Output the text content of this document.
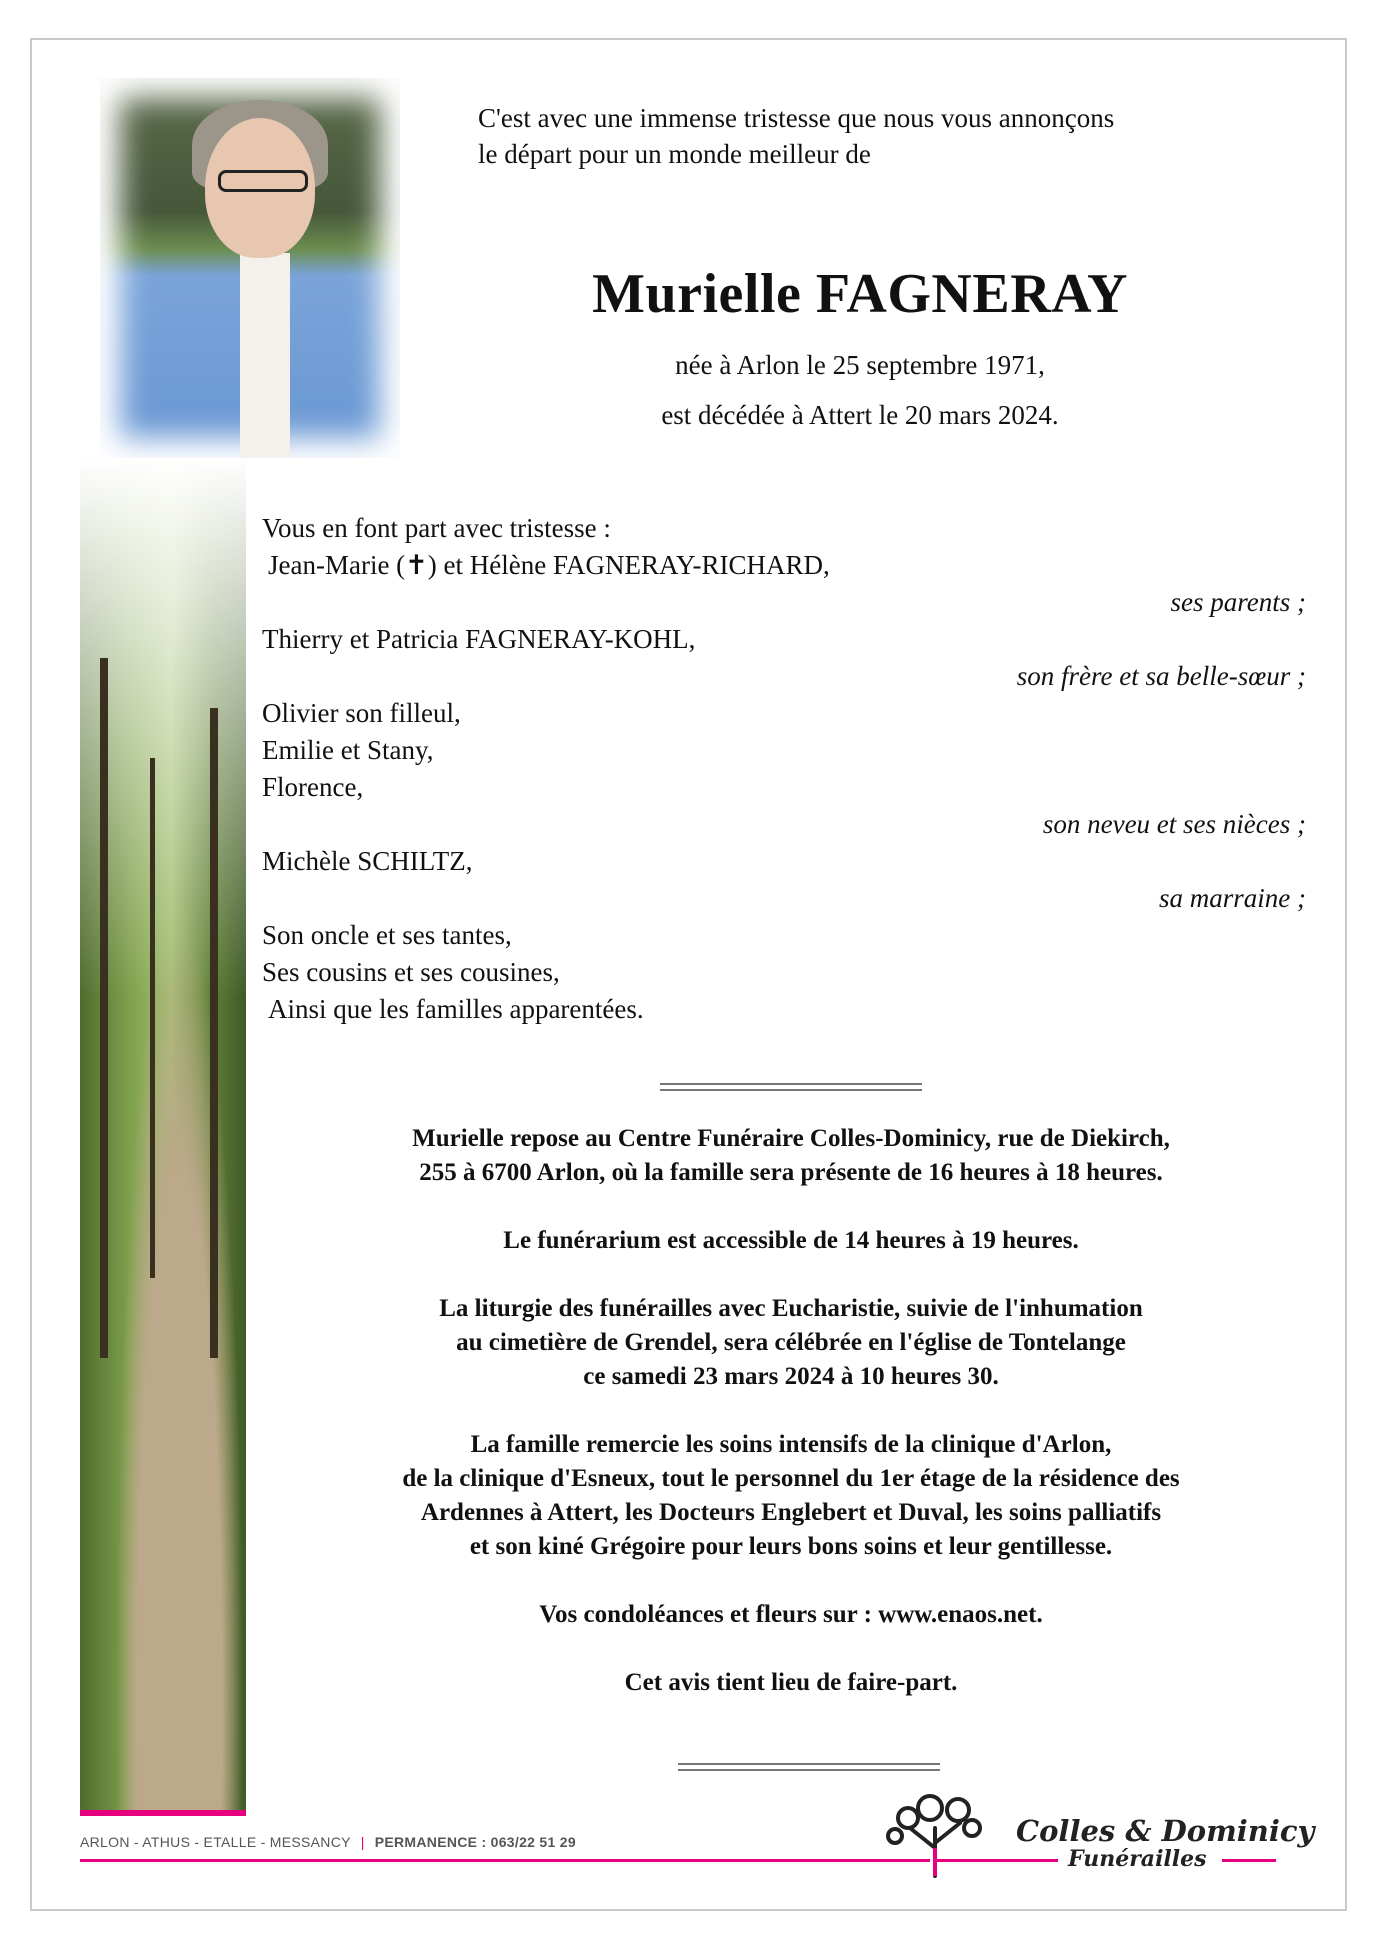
C'est avec une immense tristesse que nous vous annonçons

le départ pour un monde meilleur de

Murielle FAGNERAY
née à Arlon le 25 septembre 1971,
est décédée à Attert le 20 mars 2024.
Vous en font part avec tristesse :
Jean-Marie (✝) et Hélène FAGNERAY-RICHARD,
ses parents ;
Thierry et Patricia FAGNERAY-KOHL,
son frère et sa belle-sœur ;
Olivier son filleul,
Emilie et Stany,
Florence,
son neveu et ses nièces ;
Michèle SCHILTZ,
sa marraine ;
Son oncle et ses tantes,
Ses cousins et ses cousines,
Ainsi que les familles apparentées.

Murielle repose au Centre Funéraire Colles-Dominicy, rue de Diekirch,
255 à 6700 Arlon, où la famille sera présente de 16 heures à 18 heures.

Le funérarium est accessible de 14 heures à 19 heures.

La liturgie des funérailles avec Eucharistie, suivie de l'inhumation
au cimetière de Grendel, sera célébrée en l'église de Tontelange
ce samedi 23 mars 2024 à 10 heures 30.

La famille remercie les soins intensifs de la clinique d'Arlon,
de la clinique d'Esneux, tout le personnel du 1er étage de la résidence des
Ardennes à Attert, les Docteurs Englebert et Duval, les soins palliatifs
et son kiné Grégoire pour leurs bons soins et leur gentillesse.

Vos condoléances et fleurs sur : www.enaos.net.

Cet avis tient lieu de faire-part.

ARLON - ATHUS - ETALLE - MESSANCY | PERMANENCE : 063/22 51 29	Colles & Dominicy
Funérailles
